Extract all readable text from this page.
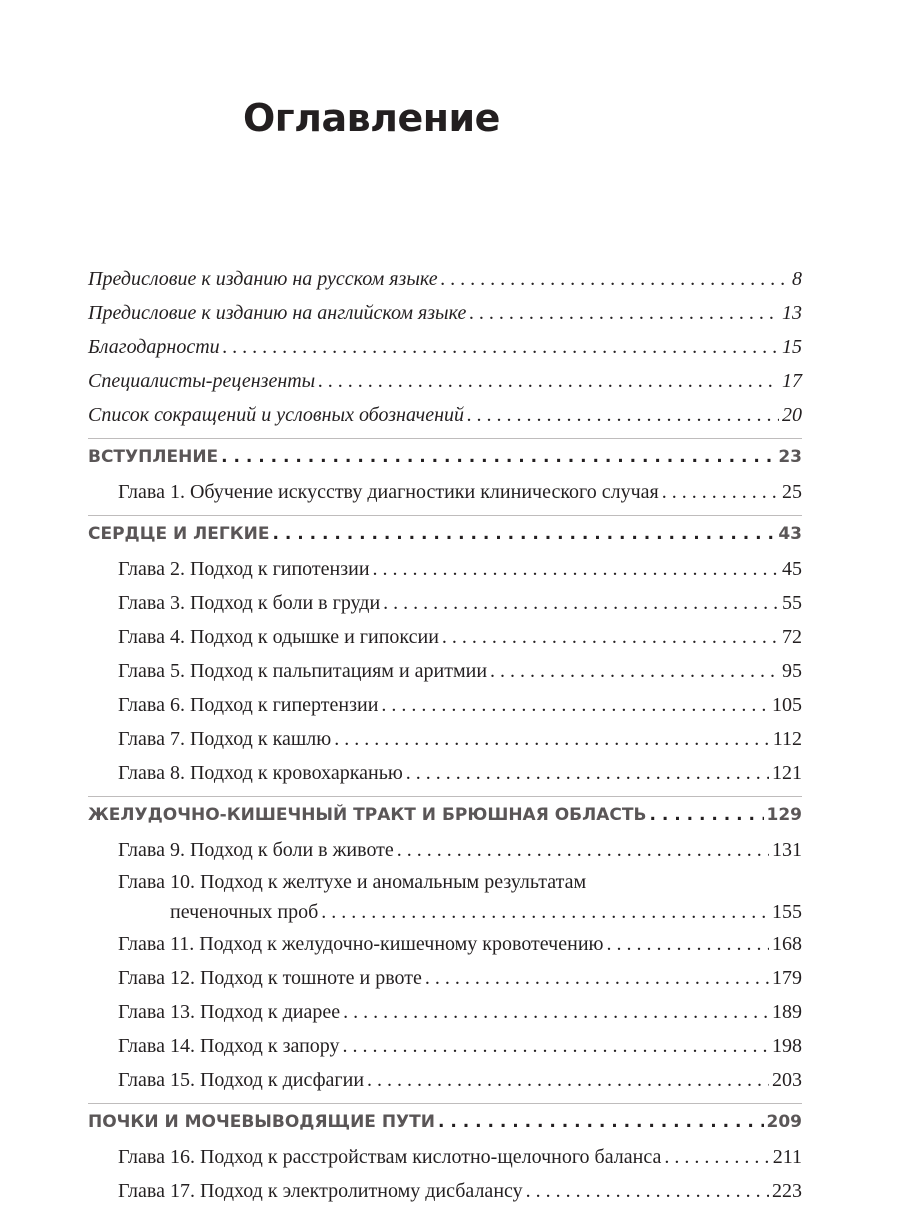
Оглавление
Предисловие к изданию на русском языке . . .	8
Предисловие к изданию на английском языке . . .	13
Благодарности . . .	15
Специалисты-рецензенты . . .	17
Список сокращений и условных обозначений . . .	20
ВСТУПЛЕНИЕ . . .	23
Глава 1. Обучение искусству диагностики клинического случая . . .	25
СЕРДЦЕ И ЛЕГКИЕ . . .	43
Глава 2. Подход к гипотензии . . .	45
Глава 3. Подход к боли в груди . . .	55
Глава 4. Подход к одышке и гипоксии . . .	72
Глава 5. Подход к пальпитациям и аритмии . . .	95
Глава 6. Подход к гипертензии . . .	105
Глава 7. Подход к кашлю . . .	112
Глава 8. Подход к кровохарканью . . .	121
ЖЕЛУДОЧНО-КИШЕЧНЫЙ ТРАКТ И БРЮШНАЯ ОБЛАСТЬ . . .	129
Глава 9. Подход к боли в животе . . .	131
Глава 10. Подход к желтухе и аномальным результатам
печеночных проб . . .	155
Глава 11. Подход к желудочно-кишечному кровотечению . . .	168
Глава 12. Подход к тошноте и рвоте . . .	179
Глава 13. Подход к диарее . . .	189
Глава 14. Подход к запору . . .	198
Глава 15. Подход к дисфагии . . .	203
ПОЧКИ И МОЧЕВЫВОДЯЩИЕ ПУТИ . . .	209
Глава 16. Подход к расстройствам кислотно-щелочного баланса . . .	211
Глава 17. Подход к электролитному дисбалансу . . .	223
